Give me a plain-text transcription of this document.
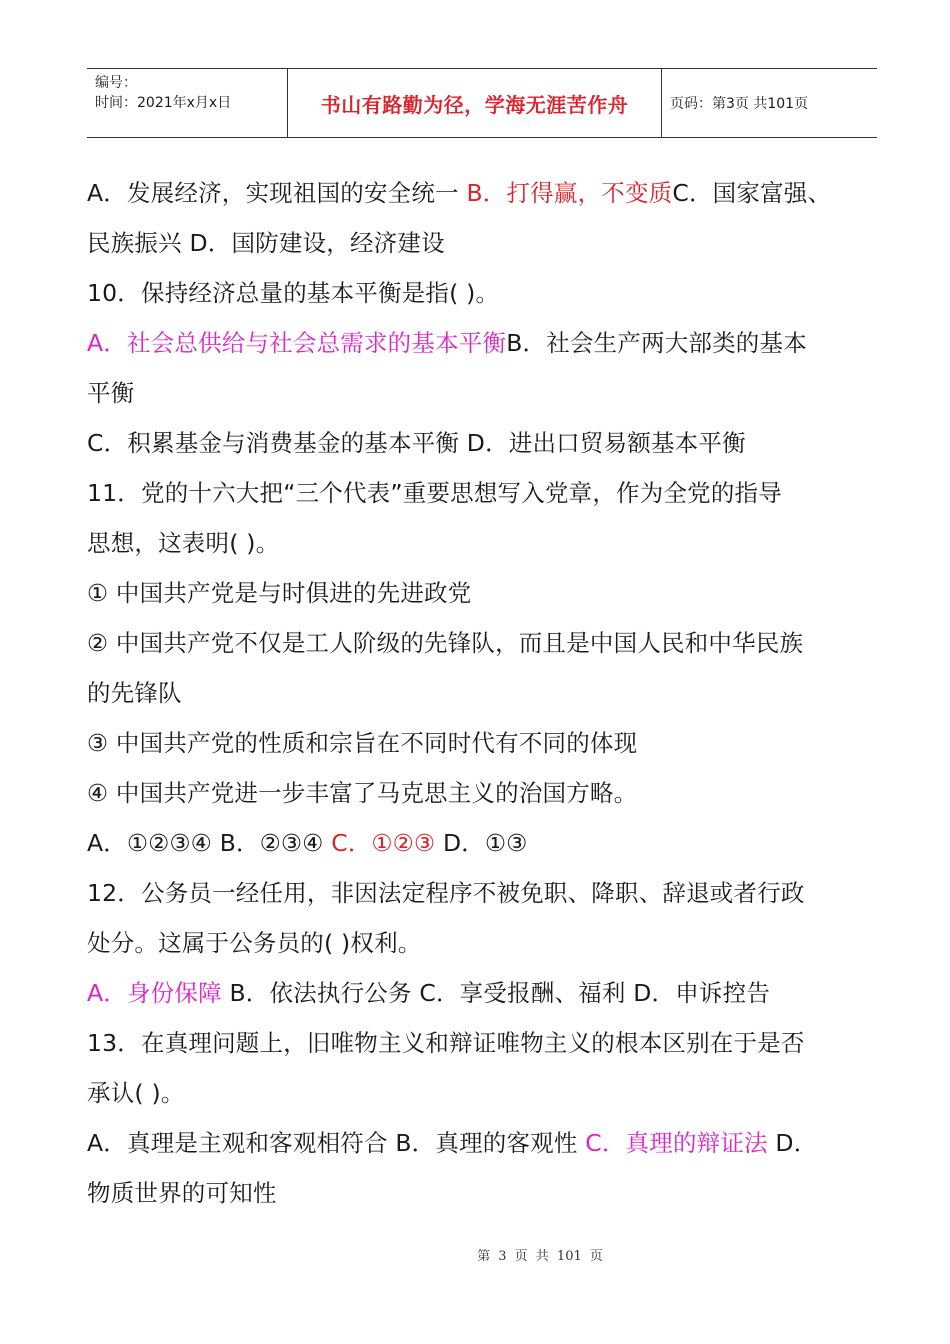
编号：
时间：2021年x月x日	书山有路勤为径，学海无涯苦作舟	页码：第3页 共101页
A．发展经济，实现祖国的安全统一 B．打得赢，不变质C．国家富强、
民族振兴 D．国防建设，经济建设
10．保持经济总量的基本平衡是指( )。
A．社会总供给与社会总需求的基本平衡B．社会生产两大部类的基本
平衡
C．积累基金与消费基金的基本平衡 D．进出口贸易额基本平衡
11．党的十六大把“三个代表”重要思想写入党章，作为全党的指导
思想，这表明( )。
① 中国共产党是与时俱进的先进政党
② 中国共产党不仅是工人阶级的先锋队，而且是中国人民和中华民族
的先锋队
③ 中国共产党的性质和宗旨在不同时代有不同的体现
④ 中国共产党进一步丰富了马克思主义的治国方略。
A．①②③④ B．②③④ C．①②③ D．①③
12．公务员一经任用，非因法定程序不被免职、降职、辞退或者行政
处分。这属于公务员的( )权利。
A．身份保障 B．依法执行公务 C．享受报酬、福利 D．申诉控告
13．在真理问题上，旧唯物主义和辩证唯物主义的根本区别在于是否
承认( )。
A．真理是主观和客观相符合 B．真理的客观性 C．真理的辩证法 D．
物质世界的可知性
第 3 页 共 101 页
